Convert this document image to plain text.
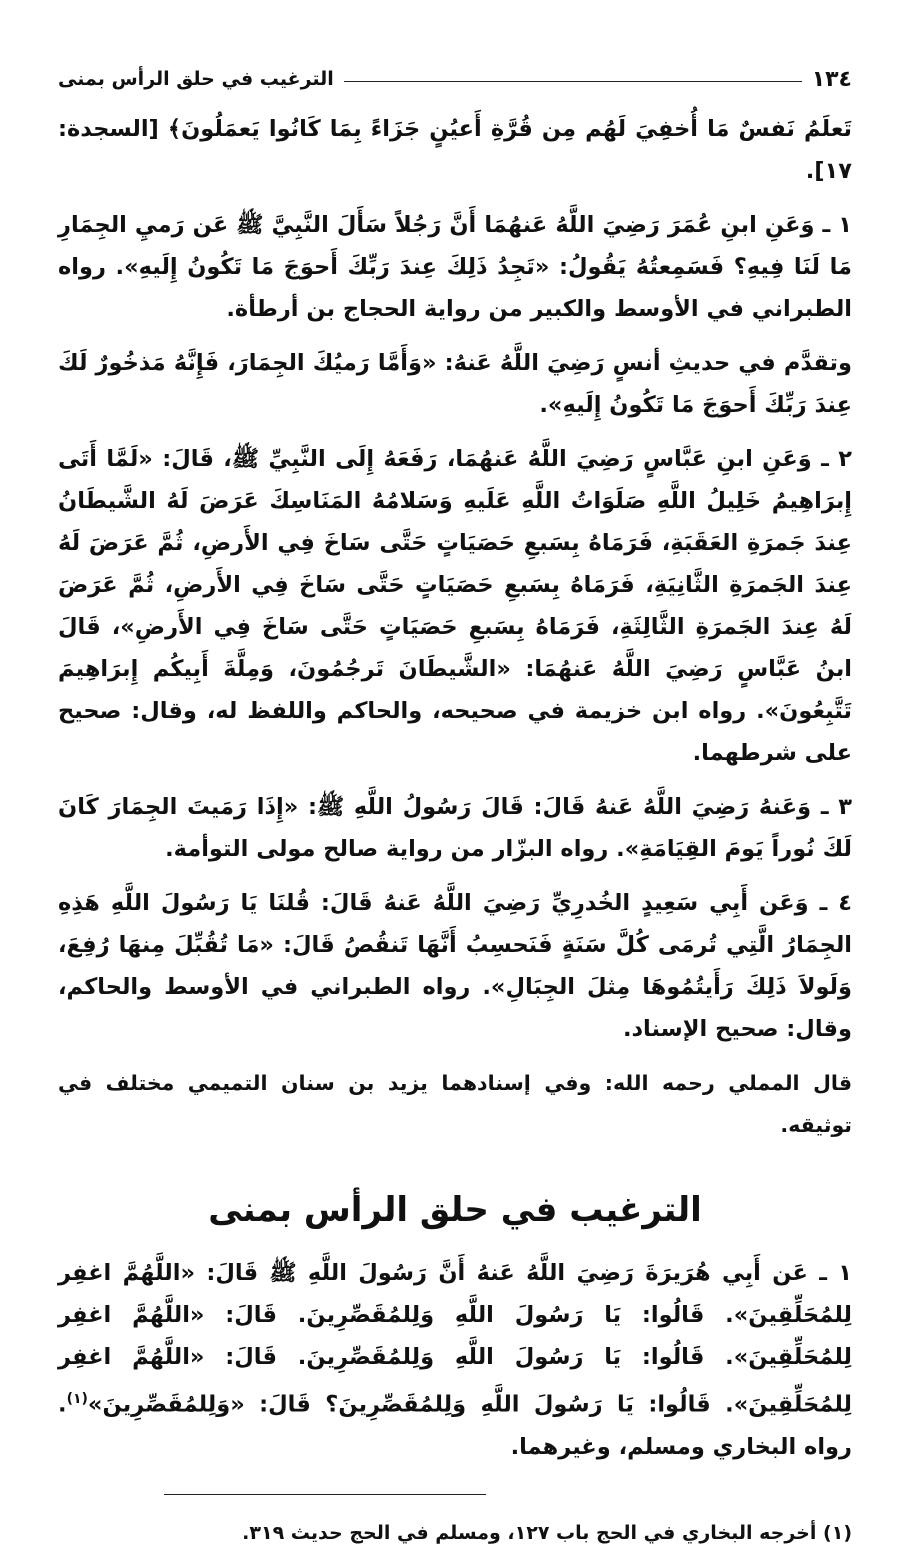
١٣٤
الترغيب في حلق الرأس بمنى

تَعلَمُ نَفسٌ مَا أُخفِيَ لَهُم مِن قُرَّةِ أَعيُنٍ جَزَاءً بِمَا كَانُوا يَعمَلُونَ﴾ [السجدة: ١٧].

١ ـ وَعَنِ ابنِ عُمَرَ رَضِيَ اللَّهُ عَنهُمَا أَنَّ رَجُلاً سَأَلَ النَّبِيَّ ﷺ عَن رَميِ الجِمَارِ مَا لَنَا فِيهِ؟ فَسَمِعتُهُ يَقُولُ: «تَجِدُ ذَلِكَ عِندَ رَبِّكَ أَحوَجَ مَا تَكُونُ إِلَيهِ». رواه الطبراني في الأوسط والكبير من رواية الحجاج بن أرطأة.

وتقدَّم في حديثِ أنسٍ رَضِيَ اللَّهُ عَنهُ: «وَأَمَّا رَميُكَ الجِمَارَ، فَإِنَّهُ مَذخُورٌ لَكَ عِندَ رَبِّكَ أَحوَجَ مَا تَكُونُ إِلَيهِ».

٢ ـ وَعَنِ ابنِ عَبَّاسٍ رَضِيَ اللَّهُ عَنهُمَا، رَفَعَهُ إِلَى النَّبِيِّ ﷺ، قَالَ: «لَمَّا أَتَى إِبرَاهِيمُ خَلِيلُ اللَّهِ صَلَوَاتُ اللَّهِ عَلَيهِ وَسَلامُهُ المَنَاسِكَ عَرَضَ لَهُ الشَّيطَانُ عِندَ جَمرَةِ العَقَبَةِ، فَرَمَاهُ بِسَبعِ حَصَيَاتٍ حَتَّى سَاخَ فِي الأَرضِ، ثُمَّ عَرَضَ لَهُ عِندَ الجَمرَةِ الثَّانِيَةِ، فَرَمَاهُ بِسَبعِ حَصَيَاتٍ حَتَّى سَاخَ فِي الأَرضِ، ثُمَّ عَرَضَ لَهُ عِندَ الجَمرَةِ الثَّالِثَةِ، فَرَمَاهُ بِسَبعِ حَصَيَاتٍ حَتَّى سَاخَ فِي الأَرضِ»، قَالَ ابنُ عَبَّاسٍ رَضِيَ اللَّهُ عَنهُمَا: «الشَّيطَانَ تَرجُمُونَ، وَمِلَّةَ أَبِيكُم إِبرَاهِيمَ تَتَّبِعُونَ». رواه ابن خزيمة في صحيحه، والحاكم واللفظ له، وقال: صحيح على شرطهما.

٣ ـ وَعَنهُ رَضِيَ اللَّهُ عَنهُ قَالَ: قَالَ رَسُولُ اللَّهِ ﷺ: «إِذَا رَمَيتَ الجِمَارَ كَانَ لَكَ نُوراً يَومَ القِيَامَةِ». رواه البزّار من رواية صالح مولى التوأمة.

٤ ـ وَعَن أَبِي سَعِيدٍ الخُدرِيِّ رَضِيَ اللَّهُ عَنهُ قَالَ: قُلنَا يَا رَسُولَ اللَّهِ هَذِهِ الجِمَارُ الَّتِي تُرمَى كُلَّ سَنَةٍ فَنَحسِبُ أَنَّهَا تَنقُصُ قَالَ: «مَا تُقُبِّلَ مِنهَا رُفِعَ، وَلَولاَ ذَلِكَ رَأَيتُمُوهَا مِثلَ الجِبَالِ». رواه الطبراني في الأوسط والحاكم، وقال: صحيح الإسناد.

قال المملي رحمه الله: وفي إسنادهما يزيد بن سنان التميمي مختلف في توثيقه.

الترغيب في حلق الرأس بمنى

١ ـ عَن أَبِي هُرَيرَةَ رَضِيَ اللَّهُ عَنهُ أَنَّ رَسُولَ اللَّهِ ﷺ قَالَ: «اللَّهُمَّ اغفِر لِلمُحَلِّقِينَ». قَالُوا: يَا رَسُولَ اللَّهِ وَلِلمُقَصِّرِينَ. قَالَ: «اللَّهُمَّ اغفِر لِلمُحَلِّقِينَ». قَالُوا: يَا رَسُولَ اللَّهِ وَلِلمُقَصِّرِينَ. قَالَ: «اللَّهُمَّ اغفِر لِلمُحَلِّقِينَ». قَالُوا: يَا رَسُولَ اللَّهِ وَلِلمُقَصِّرِينَ؟ قَالَ: «وَلِلمُقَصِّرِينَ»$^{(١)}$. رواه البخاري ومسلم، وغيرهما.

(١) أخرجه البخاري في الحج باب ١٢٧، ومسلم في الحج حديث ٣١٩.
